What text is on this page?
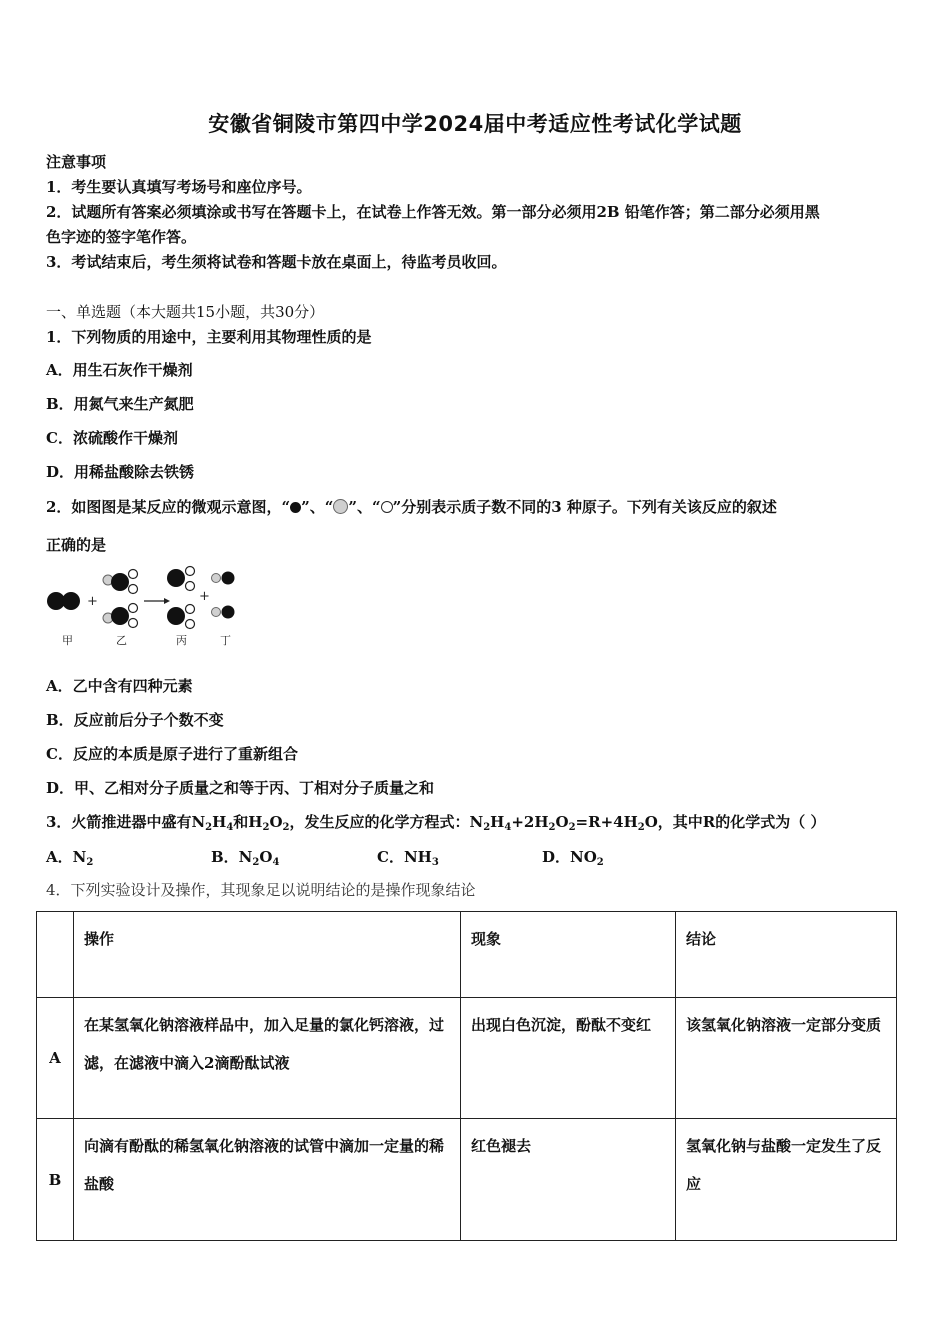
安徽省铜陵市第四中学2024届中考适应性考试化学试题
注意事项
1．考生要认真填写考场号和座位序号。
2．试题所有答案必须填涂或书写在答题卡上，在试卷上作答无效。第一部分必须用2B 铅笔作答；第二部分必须用黑
色字迹的签字笔作答。
3．考试结束后，考生须将试卷和答题卡放在桌面上，待监考员收回。
一、单选题（本大题共15小题，共30分）
1．下列物质的用途中，主要利用其物理性质的是
A．用生石灰作干燥剂
B．用氮气来生产氮肥
C．浓硫酸作干燥剂
D．用稀盐酸除去铁锈
2．如图图是某反应的微观示意图，“ ”、“ ”、“ ”分别表示质子数不同的3 种原子。下列有关该反应的叙述
正确的是
+	+
甲	乙	丙	丁
A．乙中含有四种元素
B．反应前后分子个数不变
C．反应的本质是原子进行了重新组合
D．甲、乙相对分子质量之和等于丙、丁相对分子质量之和
3．火箭推进器中盛有$N_2H_4$和$H_2O_2$，发生反应的化学方程式：$N_2H_4+2H_2O_2=R+4H_2O$，其中R的化学式为（ ）
A．$N_2$	B．$N_2O_4$	C．$NH_3$	D．$NO_2$
4．下列实验设计及操作，其现象足以说明结论的是操作现象结论
	操作	现象	结论
A	在某氢氧化钠溶液样品中，加入足量的氯化钙溶液，过滤，在滤液中滴入2滴酚酞试液	出现白色沉淀，酚酞不变红	该氢氧化钠溶液一定部分变质
B	向滴有酚酞的稀氢氧化钠溶液的试管中滴加一定量的稀盐酸	红色褪去	氢氧化钠与盐酸一定发生了反应
